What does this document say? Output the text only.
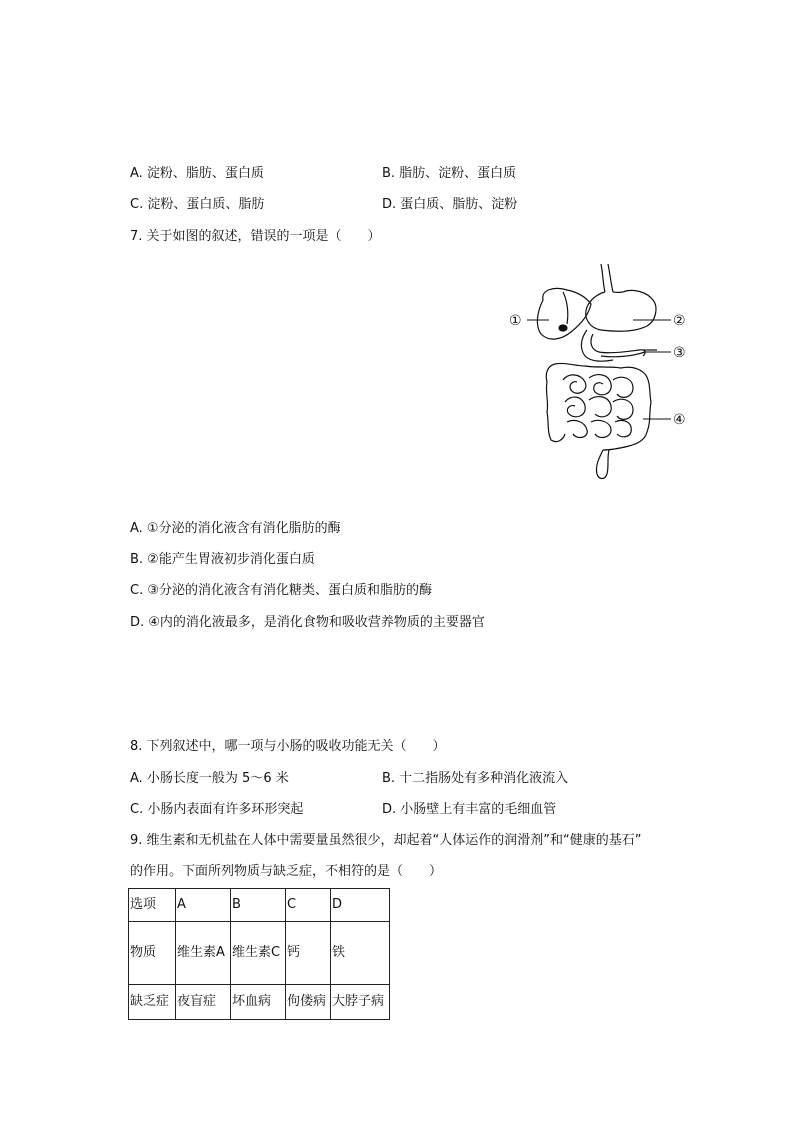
A. 淀粉、脂肪、蛋白质	B. 脂肪、淀粉、蛋白质
C. 淀粉、蛋白质、脂肪	D. 蛋白质、脂肪、淀粉
7. 关于如图的叙述，错误的一项是（　　）
①	②
③
④
A. ①分泌的消化液含有消化脂肪的酶
B. ②能产生胃液初步消化蛋白质
C. ③分泌的消化液含有消化糖类、蛋白质和脂肪的酶
D. ④内的消化液最多，是消化食物和吸收营养物质的主要器官
8. 下列叙述中，哪一项与小肠的吸收功能无关（　　）
A. 小肠长度一般为 5～6 米	B. 十二指肠处有多种消化液流入
C. 小肠内表面有许多环形突起	D. 小肠壁上有丰富的毛细血管
9. 维生素和无机盐在人体中需要量虽然很少，却起着“人体运作的润滑剂”和“健康的基石”
的作用。下面所列物质与缺乏症，不相符的是（　　）
选项	A	B	C	D
物质	维生素A	维生素C	钙	铁
缺乏症	夜盲症	坏血病	佝偻病	大脖子病
